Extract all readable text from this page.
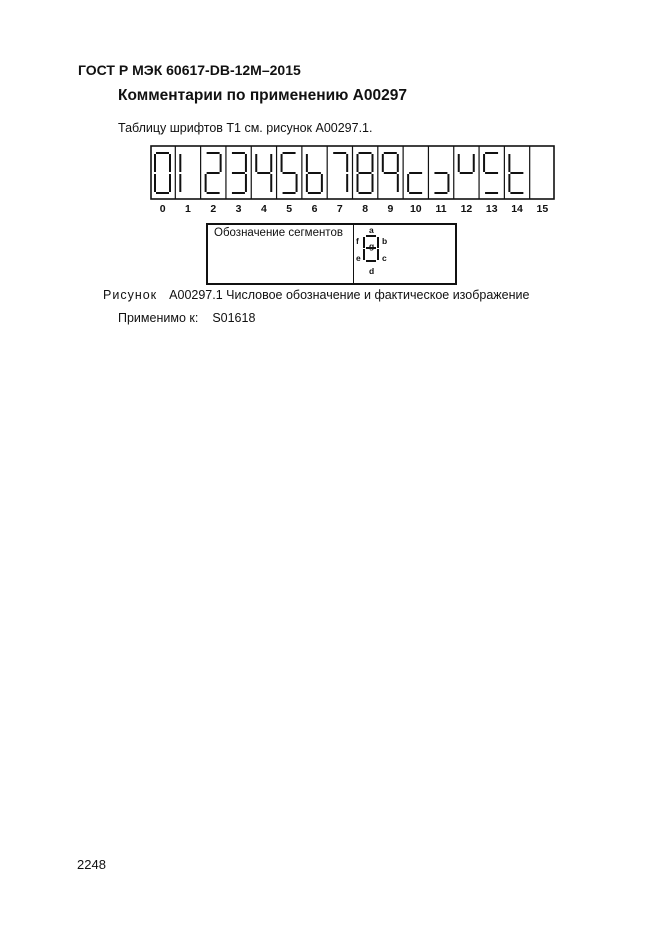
ГОСТ Р МЭК 60617-DB-12M–2015
Комментарии по применению A00297
Таблицу шрифтов Т1 см. рисунок A00297.1.
0	1	2	3	4	5	6	7	8	9	10	11	12	13	14	15
Обозначение сегментов	a
b
c
d
e
f g
Рисунок A00297.1 Числовое обозначение и фактическое изображение
Применимо к: S01618
2248
